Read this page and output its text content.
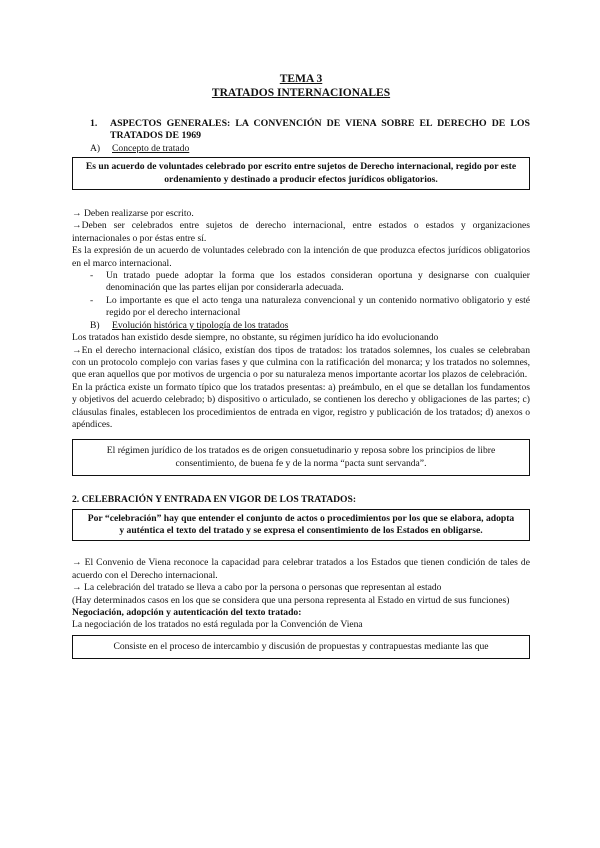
TEMA 3
TRATADOS INTERNACIONALES
1.	ASPECTOS GENERALES: LA CONVENCIÓN DE VIENA SOBRE EL DERECHO DE LOS TRATADOS DE 1969
A)	Concepto de tratado
Es un acuerdo de voluntades celebrado por escrito entre sujetos de Derecho internacional, regido por este ordenamiento y destinado a producir efectos jurídicos obligatorios.

→ Deben realizarse por escrito.

→Deben ser celebrados entre sujetos de derecho internacional, entre estados o estados y organizaciones internacionales o por éstas entre sí.

Es la expresión de un acuerdo de voluntades celebrado con la intención de que produzca efectos jurídicos obligatorios en el marco internacional.

-	Un tratado puede adoptar la forma que los estados consideran oportuna y designarse con cualquier denominación que las partes elijan por considerarla adecuada.
-	Lo importante es que el acto tenga una naturaleza convencional y un contenido normativo obligatorio y esté regido por el derecho internacional
B)	Evolución histórica y tipología de los tratados

Los tratados han existido desde siempre, no obstante, su régimen jurídico ha ido evolucionando

→En el derecho internacional clásico, existían dos tipos de tratados: los tratados solemnes, los cuales se celebraban con un protocolo complejo con varias fases y que culmina con la ratificación del monarca; y los tratados no solemnes, que eran aquellos que por motivos de urgencia o por su naturaleza menos importante acortar los plazos de celebración.

En la práctica existe un formato típico que los tratados presentas: a) preámbulo, en el que se detallan los fundamentos y objetivos del acuerdo celebrado; b) dispositivo o articulado, se contienen los derecho y obligaciones de las partes; c) cláusulas finales, establecen los procedimientos de entrada en vigor, registro y publicación de los tratados; d) anexos o apéndices.

El régimen jurídico de los tratados es de origen consuetudinario y reposa sobre los principios de libre consentimiento, de buena fe y de la norma “pacta sunt servanda”.
2. CELEBRACIÓN Y ENTRADA EN VIGOR DE LOS TRATADOS:
Por “celebración” hay que entender el conjunto de actos o procedimientos por los que se elabora, adopta y auténtica el texto del tratado y se expresa el consentimiento de los Estados en obligarse.

→ El Convenio de Viena reconoce la capacidad para celebrar tratados a los Estados que tienen condición de tales de acuerdo con el Derecho internacional.

→ La celebración del tratado se lleva a cabo por la persona o personas que representan al estado

(Hay determinados casos en los que se considera que una persona representa al Estado en virtud de sus funciones)

Negociación, adopción y autenticación del texto tratado:

La negociación de los tratados no está regulada por la Convención de Viena

Consiste en el proceso de intercambio y discusión de propuestas y contrapuestas mediante las que
